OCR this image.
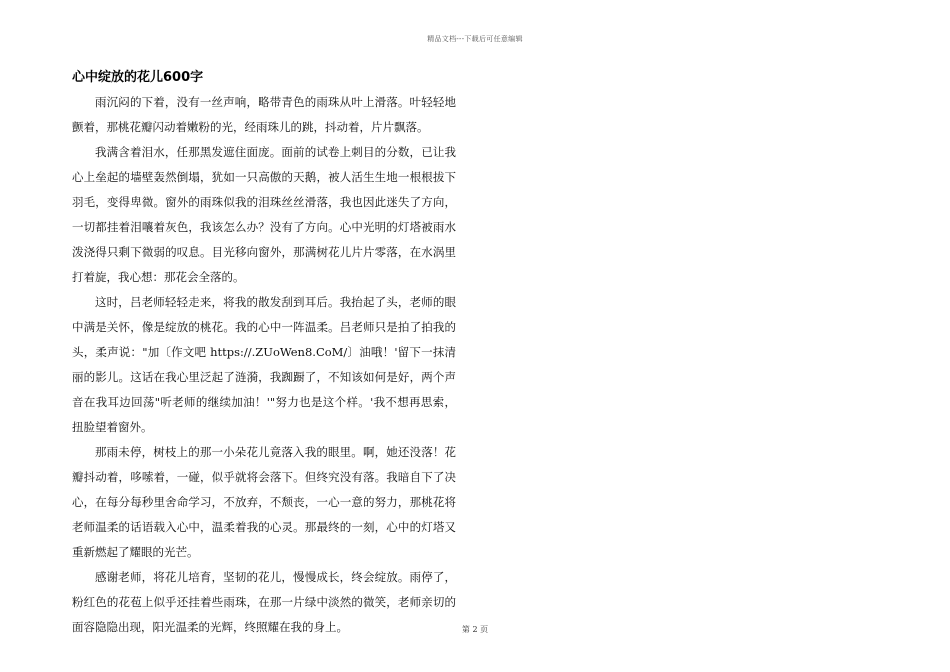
精品文档---下载后可任意编辑
心中绽放的花儿600字

雨沉闷的下着，没有一丝声响，略带青色的雨珠从叶上滑落。叶轻轻地颤着，那桃花瓣闪动着嫩粉的光，经雨珠儿的跳，抖动着，片片飘落。

我满含着泪水，任那黑发遮住面庞。面前的试卷上刺目的分数，已让我心上垒起的墙壁轰然倒塌，犹如一只高傲的天鹅，被人活生生地一根根拔下羽毛，变得卑微。窗外的雨珠似我的泪珠丝丝滑落，我也因此迷失了方向，一切都挂着泪嚷着灰色，我该怎么办？没有了方向。心中光明的灯塔被雨水泼浇得只剩下微弱的叹息。目光移向窗外，那满树花儿片片零落，在水涡里打着旋，我心想：那花会全落的。

这时，吕老师轻轻走来，将我的散发刮到耳后。我抬起了头，老师的眼中满是关怀，像是绽放的桃花。我的心中一阵温柔。吕老师只是拍了拍我的头，柔声说："加〔作文吧 https://.ZUoWen8.CoM/〕油哦！'留下一抹清丽的影儿。这话在我心里泛起了涟漪，我踟蹰了，不知该如何是好，两个声音在我耳边回荡"听老师的继续加油！'"努力也是这个样。'我不想再思索，扭脸望着窗外。

那雨未停，树枝上的那一小朵花儿竟落入我的眼里。啊，她还没落！花瓣抖动着，哆嗦着，一碰，似乎就将会落下。但终究没有落。我暗自下了决心，在每分每秒里舍命学习，不放弃，不颓丧，一心一意的努力，那桃花将老师温柔的话语载入心中，温柔着我的心灵。那最终的一刻，心中的灯塔又重新燃起了耀眼的光芒。

感谢老师，将花儿培育，坚韧的花儿，慢慢成长，终会绽放。雨停了，粉红色的花苞上似乎还挂着些雨珠，在那一片绿中淡然的微笑，老师亲切的面容隐隐出现，阳光温柔的光辉，终照耀在我的身上。	第 2 页
